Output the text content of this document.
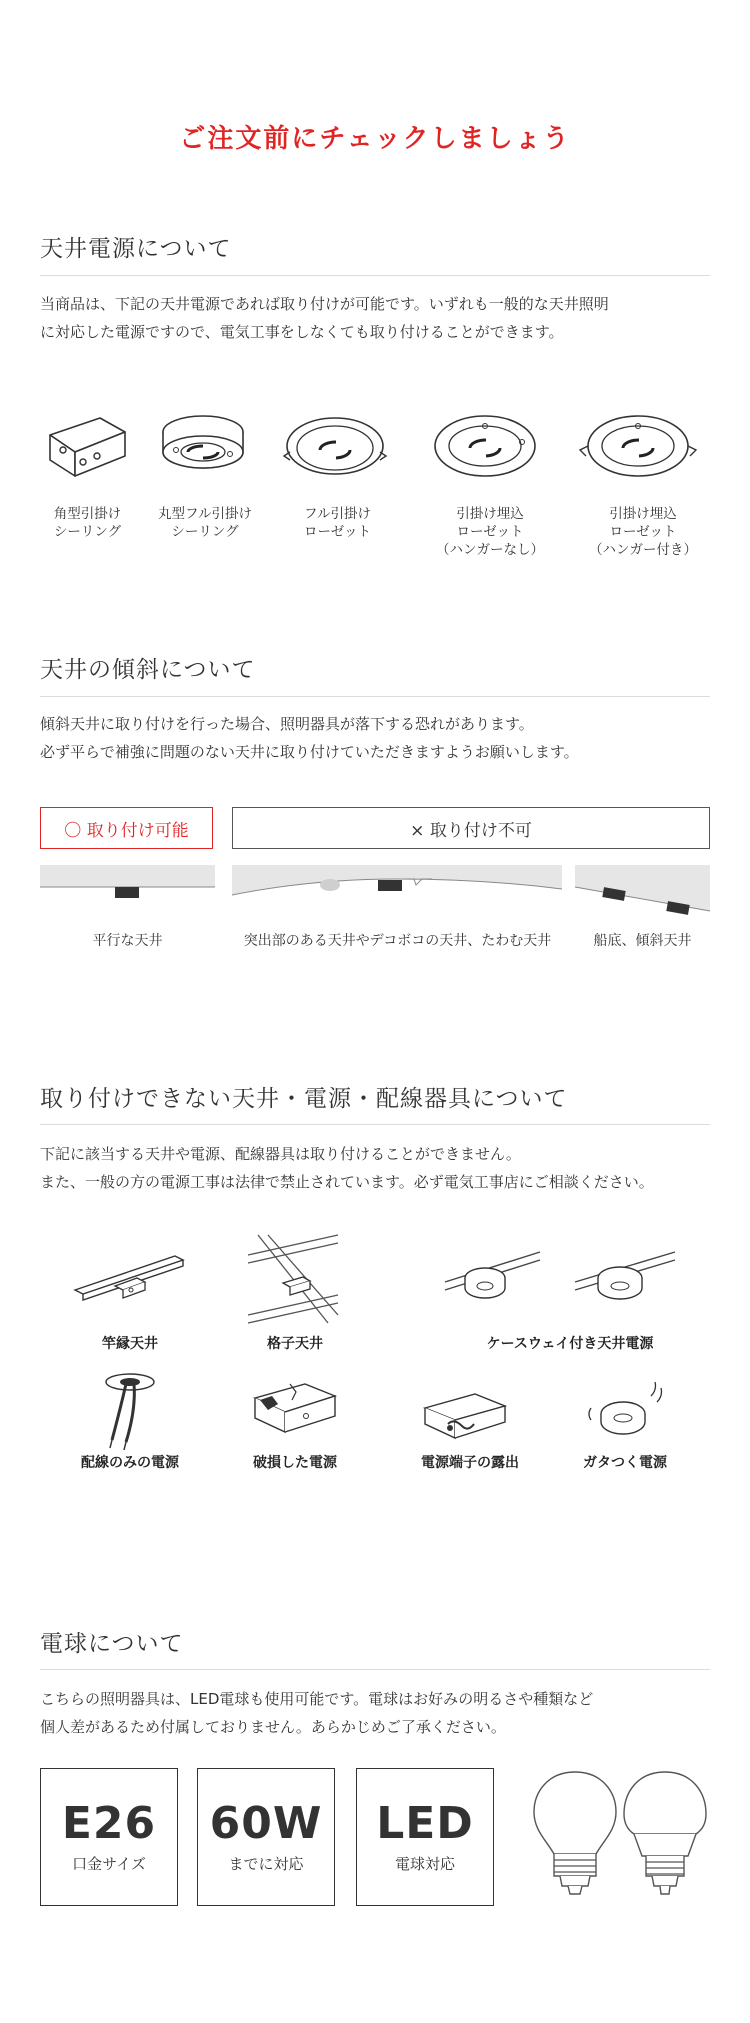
ご注文前にチェックしましょう
天井電源について
当商品は、下記の天井電源であれば取り付けが可能です。いずれも一般的な天井照明
に対応した電源ですので、電気工事をしなくても取り付けることができます。
角型引掛け
シーリング
丸型フル引掛け
シーリング
フル引掛け
ローゼット
引掛け埋込
ローゼット
（ハンガーなし）
引掛け埋込
ローゼット
（ハンガー付き）
天井の傾斜について
傾斜天井に取り付けを行った場合、照明器具が落下する恐れがあります。
必ず平らで補強に問題のない天井に取り付けていただきますようお願いします。
〇 取り付け可能	× 取り付け不可
平行な天井	突出部のある天井やデコボコの天井、たわむ天井	船底、傾斜天井
取り付けできない天井・電源・配線器具について
下記に該当する天井や電源、配線器具は取り付けることができません。
また、一般の方の電源工事は法律で禁止されています。必ず電気工事店にご相談ください。
竿縁天井	格子天井	ケースウェイ付き天井電源
配線のみの電源	破損した電源	電源端子の露出	ガタつく電源
電球について
こちらの照明器具は、LED電球も使用可能です。電球はお好みの明るさや種類など
個人差があるため付属しておりません。あらかじめご了承ください。
E26
口金サイズ
60W
までに対応
LED
電球対応
